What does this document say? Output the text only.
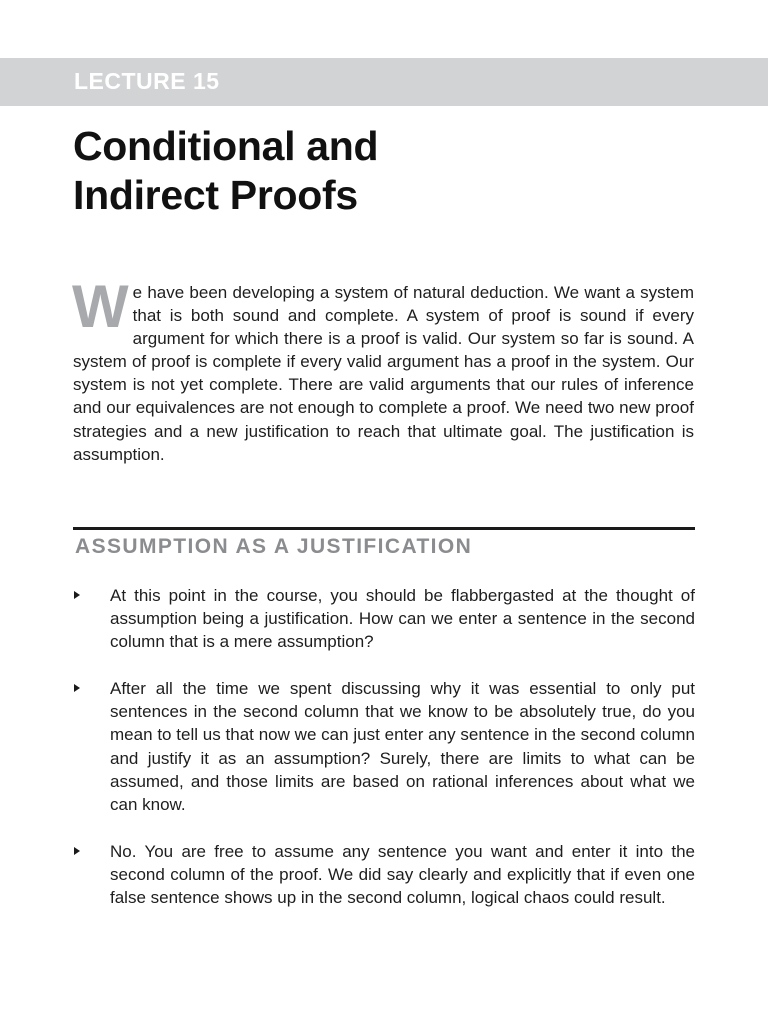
LECTURE 15
Conditional and
Indirect Proofs

We have been developing a system of natural deduction. We want a system that is both sound and complete. A system of proof is sound if every argument for which there is a proof is valid. Our system so far is sound. A system of proof is complete if every valid argument has a proof in the system. Our system is not yet complete. There are valid arguments that our rules of inference and our equivalences are not enough to complete a proof. We need two new proof strategies and a new justification to reach that ultimate goal. The justification is assumption.

ASSUMPTION AS A JUSTIFICATION
At this point in the course, you should be flabbergasted at the thought of assumption being a justification. How can we enter a sentence in the second column that is a mere assumption?
After all the time we spent discussing why it was essential to only put sentences in the second column that we know to be absolutely true, do you mean to tell us that now we can just enter any sentence in the second column and justify it as an assumption? Surely, there are limits to what can be assumed, and those limits are based on rational inferences about what we can know.
No. You are free to assume any sentence you want and enter it into the second column of the proof. We did say clearly and explicitly that if even one false sentence shows up in the second column, logical chaos could result.
